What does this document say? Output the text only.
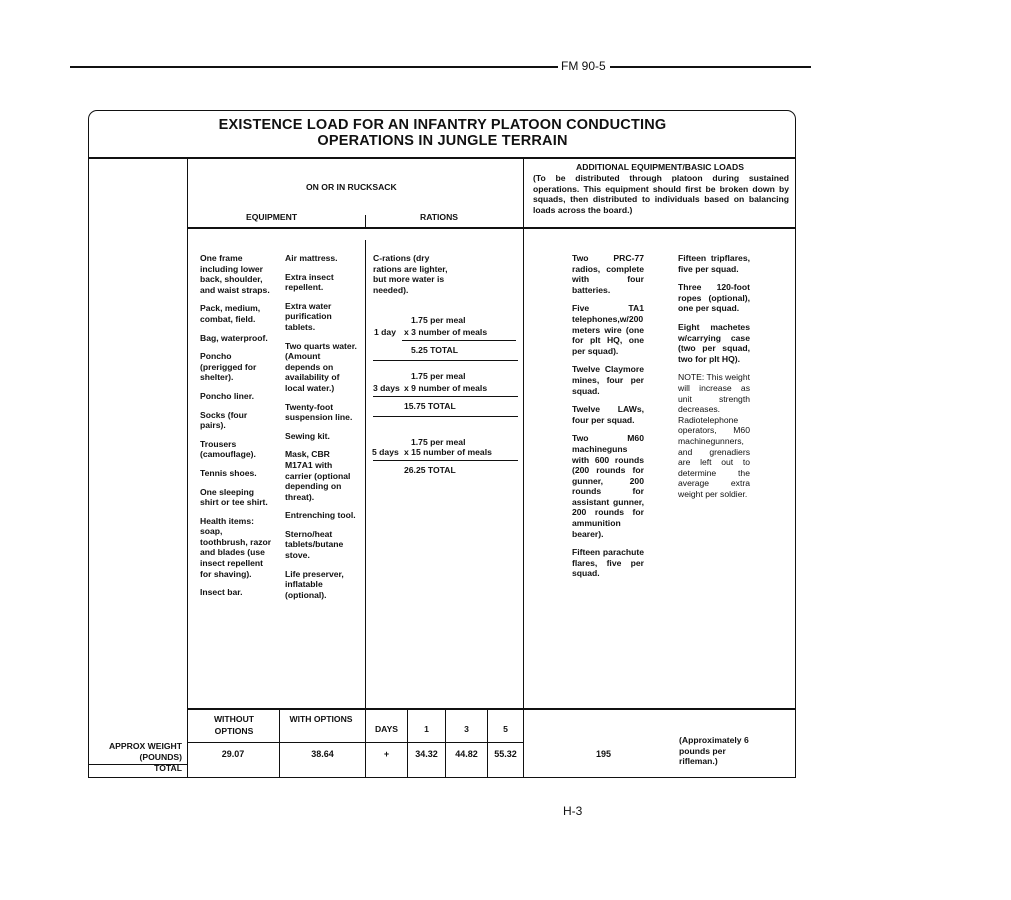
FM 90-5
EXISTENCE LOAD FOR AN INFANTRY PLATOON CONDUCTING
OPERATIONS IN JUNGLE TERRAIN
ON OR IN RUCKSACK
EQUIPMENT	RATIONS
ADDITIONAL EQUIPMENT/BASIC LOADS
(To be distributed through platoon during sustained operations. This equipment should first be broken down by squads, then distributed to individuals based on balancing loads across the board.)
One frame including lower back, shoulder, and waist straps.
Pack, medium, combat, field.
Bag, waterproof.
Poncho (prerigged for shelter).
Poncho liner.
Socks (four pairs).
Trousers (camouflage).
Tennis shoes.
One sleeping shirt or tee shirt.
Health items: soap, toothbrush, razor and blades (use insect repellent for shaving).
Insect bar.
Air mattress.
Extra insect repellent.
Extra water purification tablets.
Two quarts water. (Amount depends on availability of local water.)
Twenty-foot suspension line.
Sewing kit.
Mask, CBR M17A1 with carrier (optional depending on threat).
Entrenching tool.
Sterno/heat tablets/butane stove.
Life preserver, inflatable (optional).
C-rations (dry rations are lighter, but more water is needed).
1.75 per meal
1 day x 3 number of meals
5.25 TOTAL
1.75 per meal
3 days x 9 number of meals
15.75 TOTAL
1.75 per meal
5 days x 15 number of meals
26.25 TOTAL
Two PRC-77 radios, complete with four batteries.
Five TA1 telephones,w/200 meters wire (one for plt HQ, one per squad).
Twelve Claymore mines, four per squad.
Twelve LAWs, four per squad.
Two M60 machineguns with 600 rounds (200 rounds for gunner, 200 rounds for assistant gunner, 200 rounds for ammunition bearer).
Fifteen parachute flares, five per squad.
Fifteen tripflares, five per squad.
Three 120-foot ropes (optional), one per squad.
Eight machetes w/carrying case (two per squad, two for plt HQ).
NOTE: This weight will increase as unit strength decreases. Radiotelephone operators, M60 machinegunners, and grenadiers are left out to determine the average extra weight per soldier.
WITHOUT OPTIONS
WITH OPTIONS
DAYS	1	3	5
APPROX WEIGHT
(POUNDS)
TOTAL
29.07	38.64	+	34.32	44.82	55.32	195
(Approximately 6 pounds per rifleman.)
H-3
